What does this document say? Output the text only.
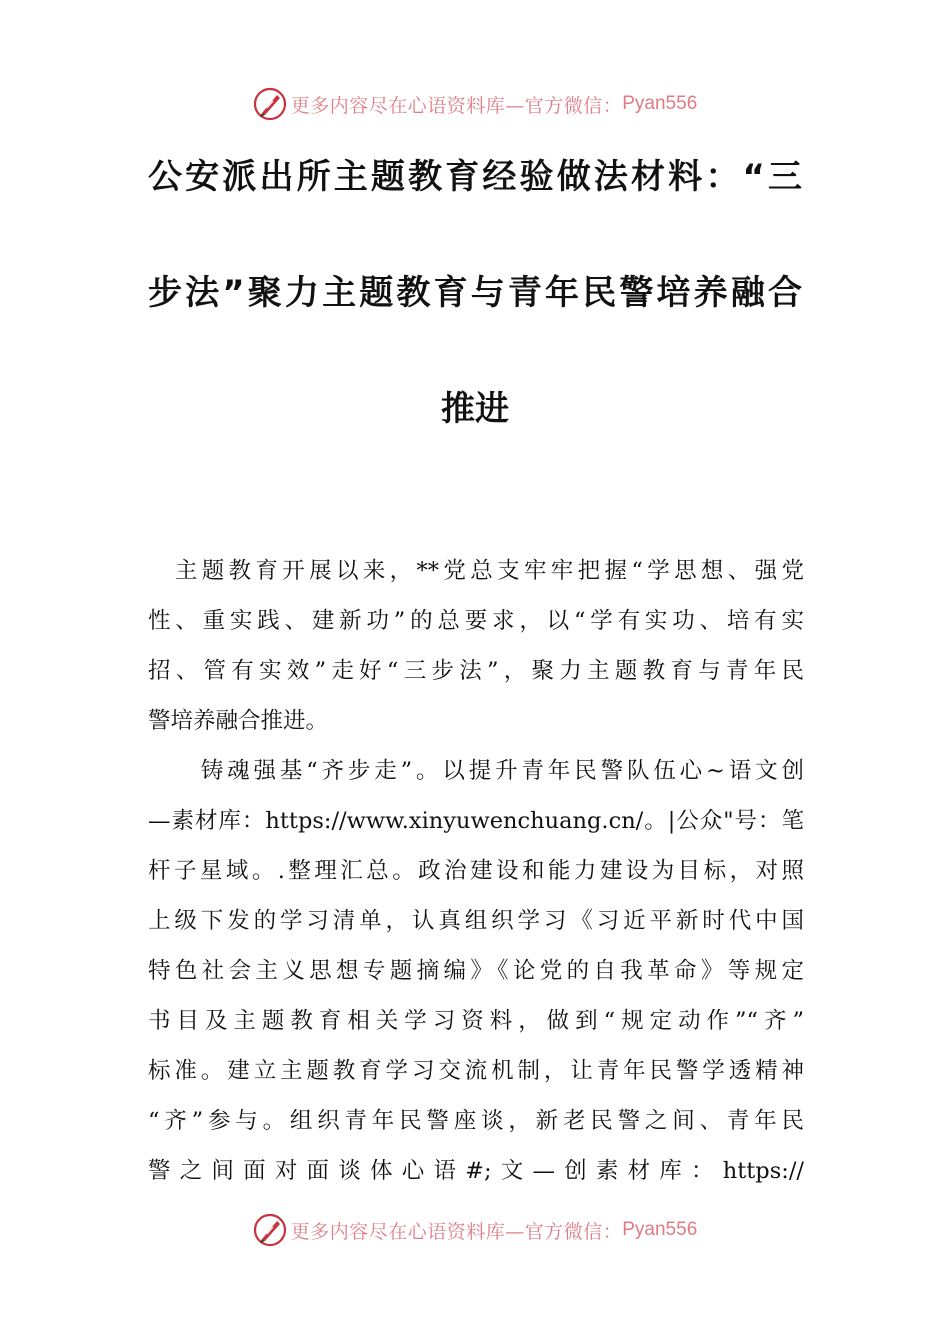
更多内容尽在心语资料库—官方微信： Pyan556
公安派出所主题教育经验做法材料：“三
步法”聚力主题教育与青年民警培养融合
推进
　主题教育开展以来，**党总支牢牢把握“学思想、强党
性、重实践、建新功”的总要求，以“学有实功、培有实
招、管有实效”走好“三步法”，聚力主题教育与青年民
警培养融合推进。
　　铸魂强基“齐步走”。以提升青年民警队伍心~语文创
—素材库：https://www.xinyuwenchuang.cn/。|公众"号：笔
杆子星域。.整理汇总。政治建设和能力建设为目标，对照
上级下发的学习清单，认真组织学习《习近平新时代中国
特色社会主义思想专题摘编》《论党的自我革命》等规定
书目及主题教育相关学习资料，做到“规定动作”“齐”
标准。建立主题教育学习交流机制，让青年民警学透精神
“齐”参与。组织青年民警座谈，新老民警之间、青年民
警之间面对面谈体心语#;文—创素材库：https://
更多内容尽在心语资料库—官方微信： Pyan556
